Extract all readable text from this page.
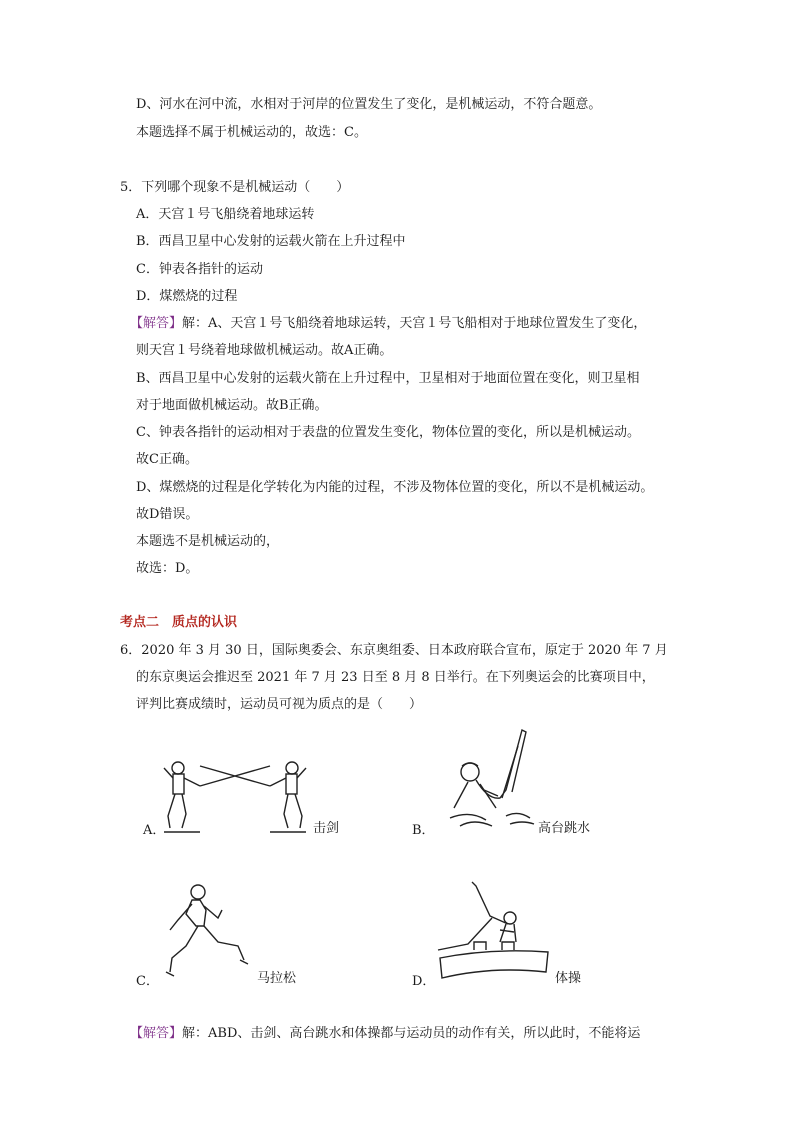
D、河水在河中流，水相对于河岸的位置发生了变化，是机械运动，不符合题意。
本题选择不属于机械运动的，故选：C。
5．下列哪个现象不是机械运动（　　）
A．天宫１号飞船绕着地球运转
B．西昌卫星中心发射的运载火箭在上升过程中
C．钟表各指针的运动
D．煤燃烧的过程
【解答】解：A、天宫１号飞船绕着地球运转，天宫１号飞船相对于地球位置发生了变化，
则天宫１号绕着地球做机械运动。故A正确。
B、西昌卫星中心发射的运载火箭在上升过程中，卫星相对于地面位置在变化，则卫星相
对于地面做机械运动。故B正确。
C、钟表各指针的运动相对于表盘的位置发生变化，物体位置的变化，所以是机械运动。
故C正确。
D、煤燃烧的过程是化学转化为内能的过程，不涉及物体位置的变化，所以不是机械运动。
故D错误。
本题选不是机械运动的，
故选：D。
考点二　质点的认识
6．2020 年 3 月 30 日，国际奥委会、东京奥组委、日本政府联合宣布，原定于 2020 年 7 月
的东京奥运会推迟至 2021 年 7 月 23 日至 8 月 8 日举行。在下列奥运会的比赛项目中，
评判比赛成绩时，运动员可视为质点的是（　　）
A．	击剑	B．	高台跳水
C．	马拉松	D．	体操
【解答】解：ABD、击剑、高台跳水和体操都与运动员的动作有关，所以此时，不能将运
